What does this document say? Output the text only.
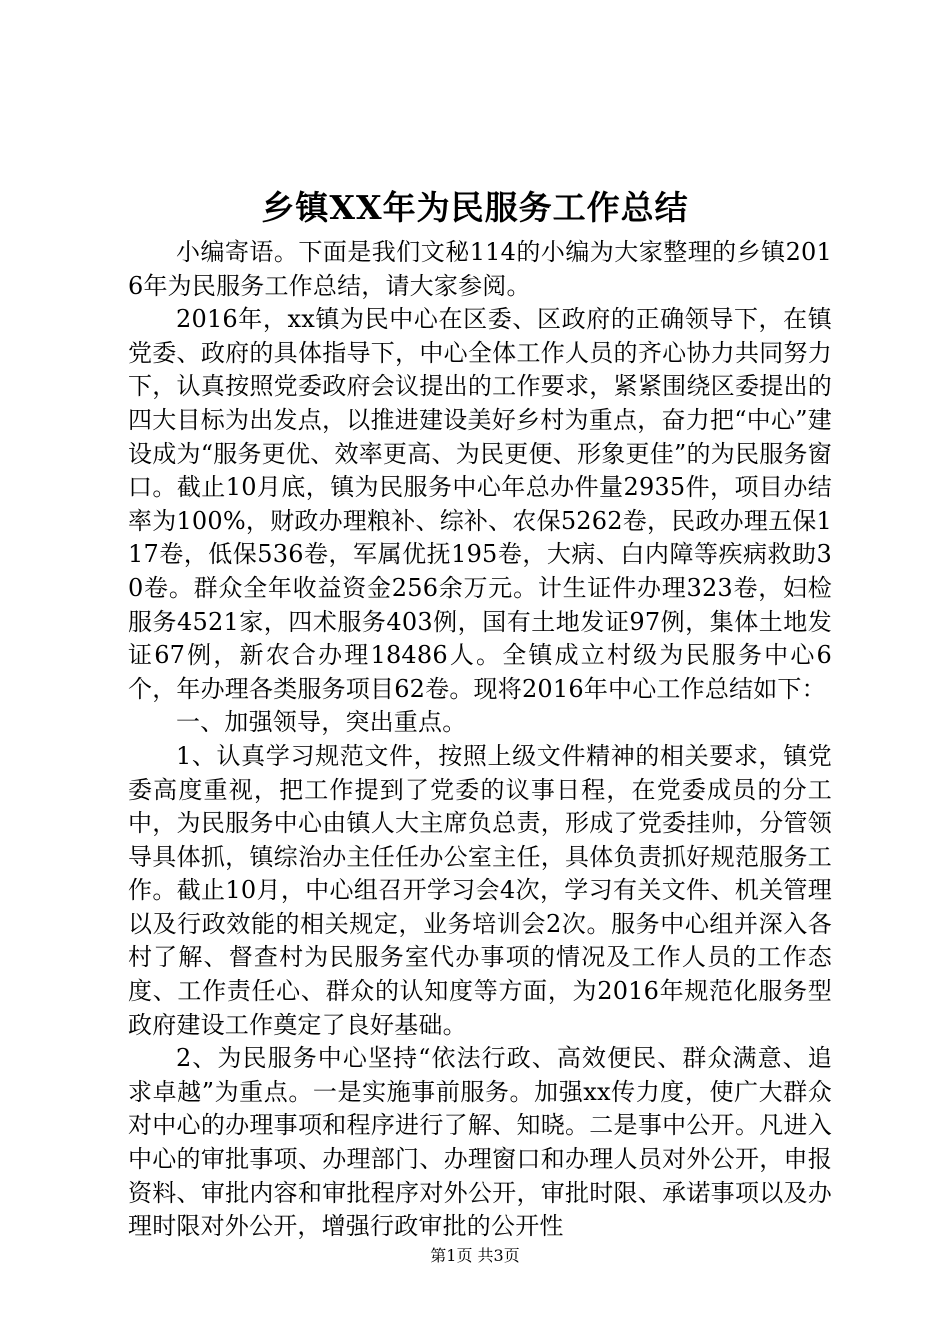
乡镇XX年为民服务工作总结

小编寄语。下面是我们文秘114的小编为大家整理的乡镇2016年为民服务工作总结，请大家参阅。

2016年，xx镇为民中心在区委、区政府的正确领导下，在镇党委、政府的具体指导下，中心全体工作人员的齐心协力共同努力下，认真按照党委政府会议提出的工作要求，紧紧围绕区委提出的四大目标为出发点，以推进建设美好乡村为重点，奋力把“中心”建设成为“服务更优、效率更高、为民更便、形象更佳”的为民服务窗口。截止10月底，镇为民服务中心年总办件量2935件，项目办结率为100%，财政办理粮补、综补、农保5262卷，民政办理五保117卷，低保536卷，军属优抚195卷，大病、白内障等疾病救助30卷。群众全年收益资金256余万元。计生证件办理323卷，妇检服务4521家，四术服务403例，国有土地发证97例，集体土地发证67例，新农合办理18486人。全镇成立村级为民服务中心6个，年办理各类服务项目62卷。现将2016年中心工作总结如下：

一、加强领导，突出重点。

1、认真学习规范文件，按照上级文件精神的相关要求，镇党委高度重视，把工作提到了党委的议事日程，在党委成员的分工中，为民服务中心由镇人大主席负总责，形成了党委挂帅，分管领导具体抓，镇综治办主任任办公室主任，具体负责抓好规范服务工作。截止10月，中心组召开学习会4次，学习有关文件、机关管理以及行政效能的相关规定，业务培训会2次。服务中心组并深入各村了解、督查村为民服务室代办事项的情况及工作人员的工作态度、工作责任心、群众的认知度等方面，为2016年规范化服务型政府建设工作奠定了良好基础。

2、为民服务中心坚持“依法行政、高效便民、群众满意、追求卓越”为重点。一是实施事前服务。加强xx传力度，使广大群众对中心的办理事项和程序进行了解、知晓。二是事中公开。凡进入中心的审批事项、办理部门、办理窗口和办理人员对外公开，申报资料、审批内容和审批程序对外公开，审批时限、承诺事项以及办理时限对外公开，增强行政审批的公开性

第1页 共3页
